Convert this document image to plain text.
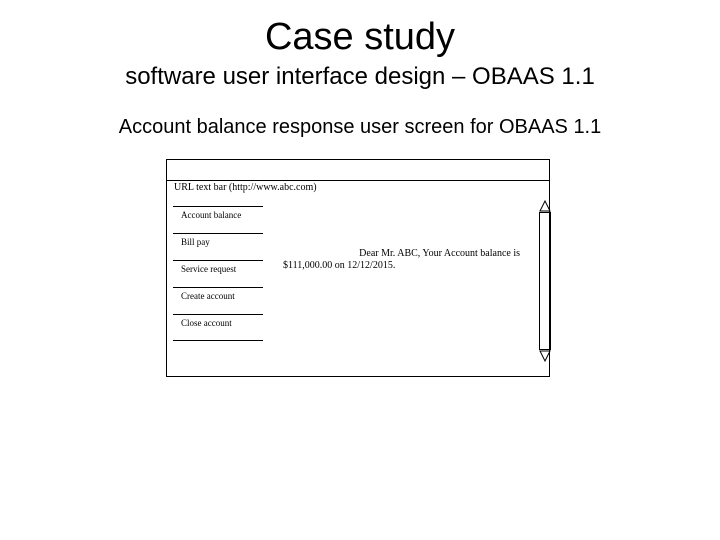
Case study
software user interface design – OBAAS 1.1
Account balance response user screen for OBAAS 1.1
URL text bar (http://www.abc.com)
Account balance
Bill pay
Service request
Create account
Close account
Dear Mr. ABC, Your Account balance is
$111,000.00 on 12/12/2015.
